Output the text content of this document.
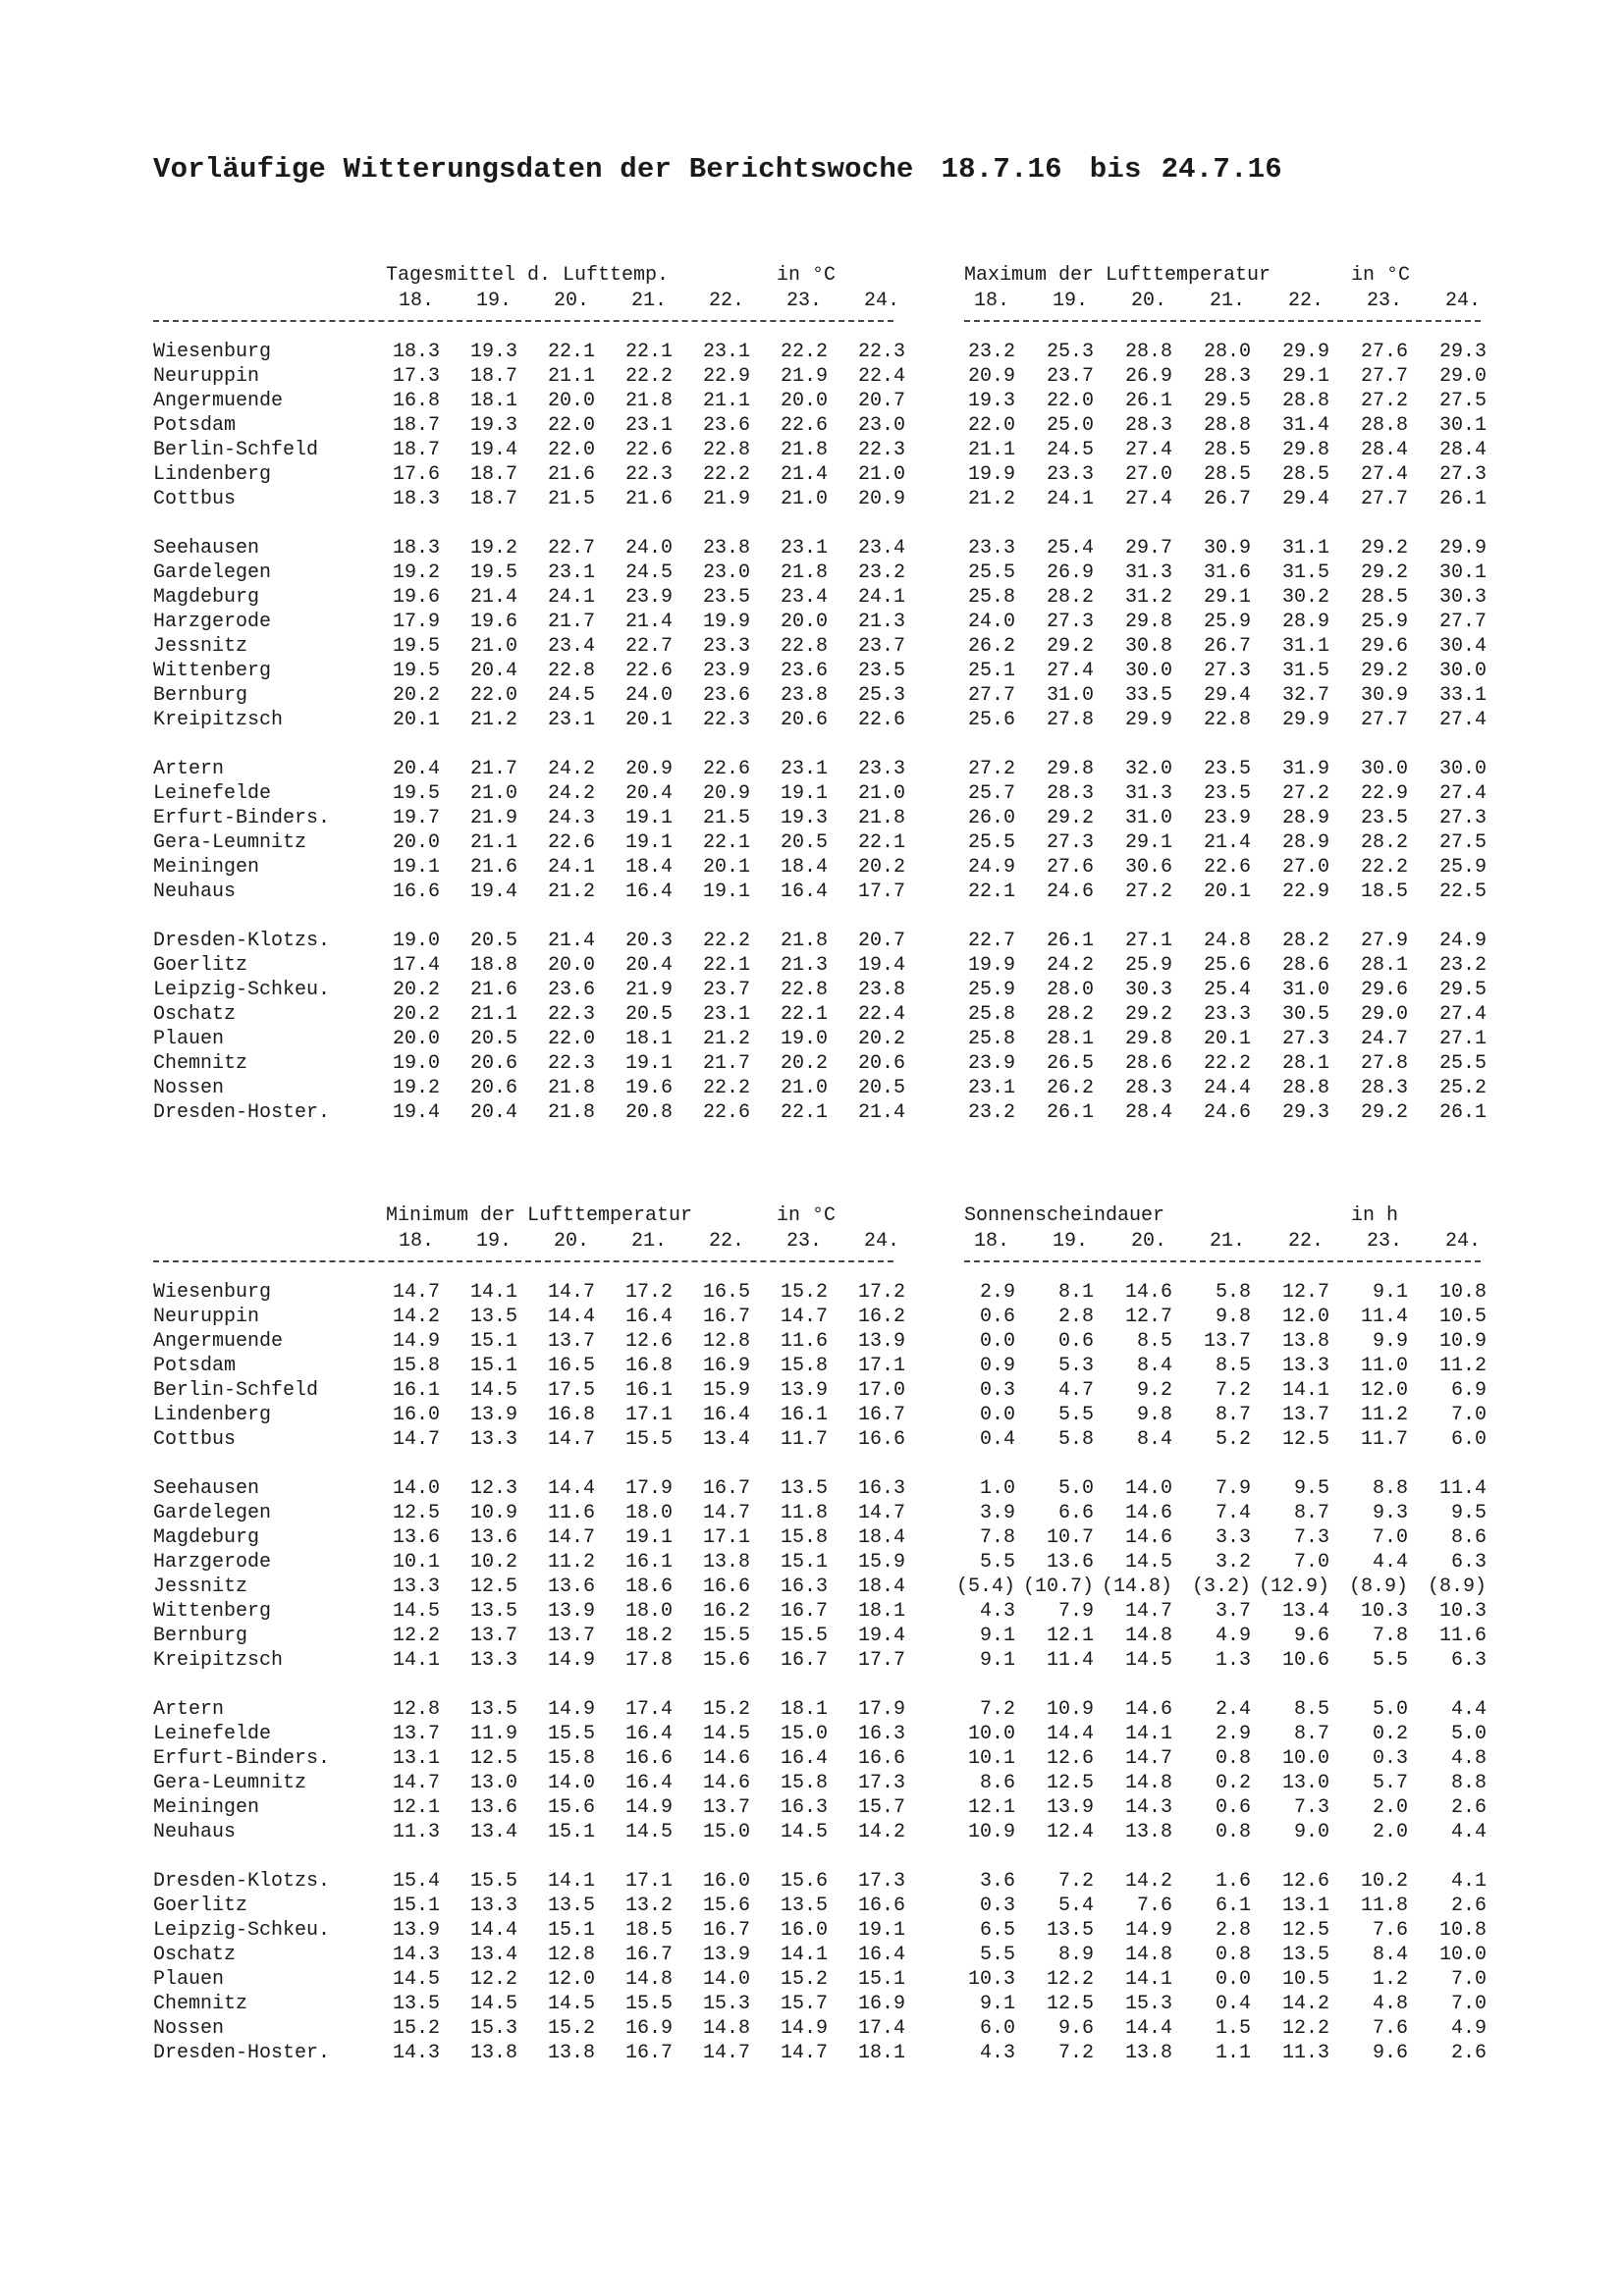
Vorläufige Witterungsdaten der Berichtswoche 18.7.16 bis 24.7.16
Tagesmittel d. Lufttemp.	in °C	Maximum der Lufttemperatur	in °C
18.	19.	20.	21.	22.	23.	24.	18.	19.	20.	21.	22.	23.	24.
Wiesenburg	18.3	19.3	22.1	22.1	23.1	22.2	22.3	23.2	25.3	28.8	28.0	29.9	27.6	29.3
Neuruppin	17.3	18.7	21.1	22.2	22.9	21.9	22.4	20.9	23.7	26.9	28.3	29.1	27.7	29.0
Angermuende	16.8	18.1	20.0	21.8	21.1	20.0	20.7	19.3	22.0	26.1	29.5	28.8	27.2	27.5
Potsdam	18.7	19.3	22.0	23.1	23.6	22.6	23.0	22.0	25.0	28.3	28.8	31.4	28.8	30.1
Berlin-Schfeld	18.7	19.4	22.0	22.6	22.8	21.8	22.3	21.1	24.5	27.4	28.5	29.8	28.4	28.4
Lindenberg	17.6	18.7	21.6	22.3	22.2	21.4	21.0	19.9	23.3	27.0	28.5	28.5	27.4	27.3
Cottbus	18.3	18.7	21.5	21.6	21.9	21.0	20.9	21.2	24.1	27.4	26.7	29.4	27.7	26.1
Seehausen	18.3	19.2	22.7	24.0	23.8	23.1	23.4	23.3	25.4	29.7	30.9	31.1	29.2	29.9
Gardelegen	19.2	19.5	23.1	24.5	23.0	21.8	23.2	25.5	26.9	31.3	31.6	31.5	29.2	30.1
Magdeburg	19.6	21.4	24.1	23.9	23.5	23.4	24.1	25.8	28.2	31.2	29.1	30.2	28.5	30.3
Harzgerode	17.9	19.6	21.7	21.4	19.9	20.0	21.3	24.0	27.3	29.8	25.9	28.9	25.9	27.7
Jessnitz	19.5	21.0	23.4	22.7	23.3	22.8	23.7	26.2	29.2	30.8	26.7	31.1	29.6	30.4
Wittenberg	19.5	20.4	22.8	22.6	23.9	23.6	23.5	25.1	27.4	30.0	27.3	31.5	29.2	30.0
Bernburg	20.2	22.0	24.5	24.0	23.6	23.8	25.3	27.7	31.0	33.5	29.4	32.7	30.9	33.1
Kreipitzsch	20.1	21.2	23.1	20.1	22.3	20.6	22.6	25.6	27.8	29.9	22.8	29.9	27.7	27.4
Artern	20.4	21.7	24.2	20.9	22.6	23.1	23.3	27.2	29.8	32.0	23.5	31.9	30.0	30.0
Leinefelde	19.5	21.0	24.2	20.4	20.9	19.1	21.0	25.7	28.3	31.3	23.5	27.2	22.9	27.4
Erfurt-Binders.	19.7	21.9	24.3	19.1	21.5	19.3	21.8	26.0	29.2	31.0	23.9	28.9	23.5	27.3
Gera-Leumnitz	20.0	21.1	22.6	19.1	22.1	20.5	22.1	25.5	27.3	29.1	21.4	28.9	28.2	27.5
Meiningen	19.1	21.6	24.1	18.4	20.1	18.4	20.2	24.9	27.6	30.6	22.6	27.0	22.2	25.9
Neuhaus	16.6	19.4	21.2	16.4	19.1	16.4	17.7	22.1	24.6	27.2	20.1	22.9	18.5	22.5
Dresden-Klotzs.	19.0	20.5	21.4	20.3	22.2	21.8	20.7	22.7	26.1	27.1	24.8	28.2	27.9	24.9
Goerlitz	17.4	18.8	20.0	20.4	22.1	21.3	19.4	19.9	24.2	25.9	25.6	28.6	28.1	23.2
Leipzig-Schkeu.	20.2	21.6	23.6	21.9	23.7	22.8	23.8	25.9	28.0	30.3	25.4	31.0	29.6	29.5
Oschatz	20.2	21.1	22.3	20.5	23.1	22.1	22.4	25.8	28.2	29.2	23.3	30.5	29.0	27.4
Plauen	20.0	20.5	22.0	18.1	21.2	19.0	20.2	25.8	28.1	29.8	20.1	27.3	24.7	27.1
Chemnitz	19.0	20.6	22.3	19.1	21.7	20.2	20.6	23.9	26.5	28.6	22.2	28.1	27.8	25.5
Nossen	19.2	20.6	21.8	19.6	22.2	21.0	20.5	23.1	26.2	28.3	24.4	28.8	28.3	25.2
Dresden-Hoster.	19.4	20.4	21.8	20.8	22.6	22.1	21.4	23.2	26.1	28.4	24.6	29.3	29.2	26.1
Minimum der Lufttemperatur	in °C	Sonnenscheindauer	in h
18.	19.	20.	21.	22.	23.	24.	18.	19.	20.	21.	22.	23.	24.
Wiesenburg	14.7	14.1	14.7	17.2	16.5	15.2	17.2	2.9	8.1	14.6	5.8	12.7	9.1	10.8
Neuruppin	14.2	13.5	14.4	16.4	16.7	14.7	16.2	0.6	2.8	12.7	9.8	12.0	11.4	10.5
Angermuende	14.9	15.1	13.7	12.6	12.8	11.6	13.9	0.0	0.6	8.5	13.7	13.8	9.9	10.9
Potsdam	15.8	15.1	16.5	16.8	16.9	15.8	17.1	0.9	5.3	8.4	8.5	13.3	11.0	11.2
Berlin-Schfeld	16.1	14.5	17.5	16.1	15.9	13.9	17.0	0.3	4.7	9.2	7.2	14.1	12.0	6.9
Lindenberg	16.0	13.9	16.8	17.1	16.4	16.1	16.7	0.0	5.5	9.8	8.7	13.7	11.2	7.0
Cottbus	14.7	13.3	14.7	15.5	13.4	11.7	16.6	0.4	5.8	8.4	5.2	12.5	11.7	6.0
Seehausen	14.0	12.3	14.4	17.9	16.7	13.5	16.3	1.0	5.0	14.0	7.9	9.5	8.8	11.4
Gardelegen	12.5	10.9	11.6	18.0	14.7	11.8	14.7	3.9	6.6	14.6	7.4	8.7	9.3	9.5
Magdeburg	13.6	13.6	14.7	19.1	17.1	15.8	18.4	7.8	10.7	14.6	3.3	7.3	7.0	8.6
Harzgerode	10.1	10.2	11.2	16.1	13.8	15.1	15.9	5.5	13.6	14.5	3.2	7.0	4.4	6.3
Jessnitz	13.3	12.5	13.6	18.6	16.6	16.3	18.4	(5.4) (10.7) (14.8) (3.2) (12.9) (8.9) (8.9)
Wittenberg	14.5	13.5	13.9	18.0	16.2	16.7	18.1	4.3	7.9	14.7	3.7	13.4	10.3	10.3
Bernburg	12.2	13.7	13.7	18.2	15.5	15.5	19.4	9.1	12.1	14.8	4.9	9.6	7.8	11.6
Kreipitzsch	14.1	13.3	14.9	17.8	15.6	16.7	17.7	9.1	11.4	14.5	1.3	10.6	5.5	6.3
Artern	12.8	13.5	14.9	17.4	15.2	18.1	17.9	7.2	10.9	14.6	2.4	8.5	5.0	4.4
Leinefelde	13.7	11.9	15.5	16.4	14.5	15.0	16.3	10.0	14.4	14.1	2.9	8.7	0.2	5.0
Erfurt-Binders.	13.1	12.5	15.8	16.6	14.6	16.4	16.6	10.1	12.6	14.7	0.8	10.0	0.3	4.8
Gera-Leumnitz	14.7	13.0	14.0	16.4	14.6	15.8	17.3	8.6	12.5	14.8	0.2	13.0	5.7	8.8
Meiningen	12.1	13.6	15.6	14.9	13.7	16.3	15.7	12.1	13.9	14.3	0.6	7.3	2.0	2.6
Neuhaus	11.3	13.4	15.1	14.5	15.0	14.5	14.2	10.9	12.4	13.8	0.8	9.0	2.0	4.4
Dresden-Klotzs.	15.4	15.5	14.1	17.1	16.0	15.6	17.3	3.6	7.2	14.2	1.6	12.6	10.2	4.1
Goerlitz	15.1	13.3	13.5	13.2	15.6	13.5	16.6	0.3	5.4	7.6	6.1	13.1	11.8	2.6
Leipzig-Schkeu.	13.9	14.4	15.1	18.5	16.7	16.0	19.1	6.5	13.5	14.9	2.8	12.5	7.6	10.8
Oschatz	14.3	13.4	12.8	16.7	13.9	14.1	16.4	5.5	8.9	14.8	0.8	13.5	8.4	10.0
Plauen	14.5	12.2	12.0	14.8	14.0	15.2	15.1	10.3	12.2	14.1	0.0	10.5	1.2	7.0
Chemnitz	13.5	14.5	14.5	15.5	15.3	15.7	16.9	9.1	12.5	15.3	0.4	14.2	4.8	7.0
Nossen	15.2	15.3	15.2	16.9	14.8	14.9	17.4	6.0	9.6	14.4	1.5	12.2	7.6	4.9
Dresden-Hoster.	14.3	13.8	13.8	16.7	14.7	14.7	18.1	4.3	7.2	13.8	1.1	11.3	9.6	2.6
